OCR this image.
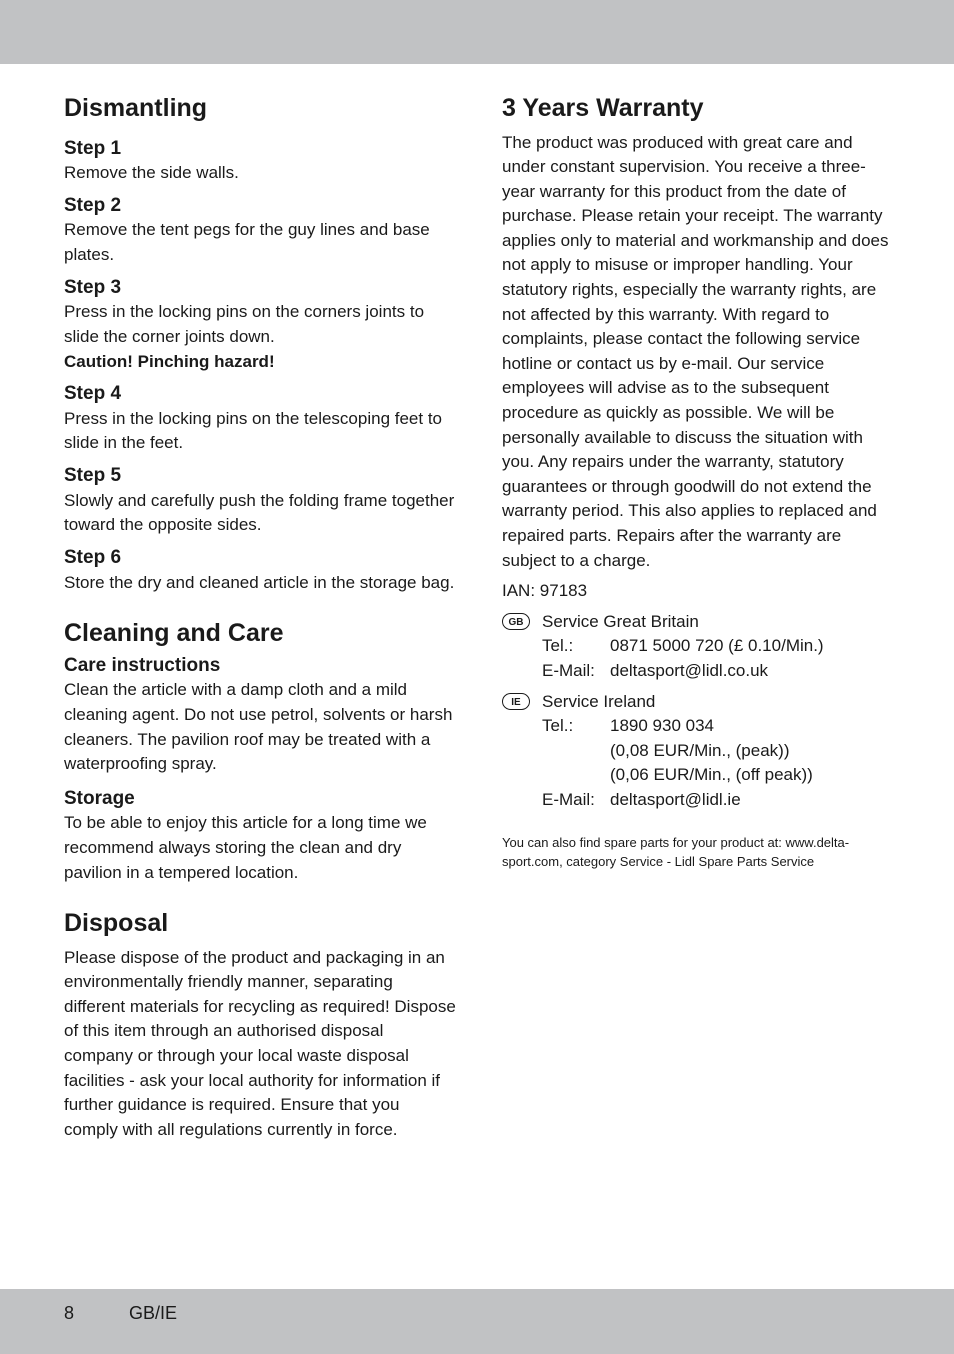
Dismantling
Step 1

Remove the side walls.

Step 2

Remove the tent pegs for the guy lines and base plates.

Step 3

Press in the locking pins on the corners joints to slide the corner joints down.

Caution! Pinching hazard!

Step 4

Press in the locking pins on the telescoping feet to slide in the feet.

Step 5

Slowly and carefully push the folding frame together toward the opposite sides.

Step 6

Store the dry and cleaned article in the storage bag.

Cleaning and Care
Care instructions

Clean the article with a damp cloth and a mild cleaning agent. Do not use petrol, solvents or harsh cleaners. The pavilion roof may be treated with a waterproofing spray.

Storage

To be able to enjoy this article for a long time we recommend always storing the clean and dry pavilion in a tempered location.

Disposal

Please dispose of the product and packaging in an environmentally friendly manner, separating different materials for recycling as required! Dispose of this item through an authorised disposal company or through your local waste disposal facilities - ask your local authority for information if further guidance is required. Ensure that you comply with all regulations currently in force.

3 Years Warranty

The product was produced with great care and under constant supervision. You receive a three-year warranty for this product from the date of purchase. Please retain your receipt. The warranty applies only to material and workmanship and does not apply to misuse or improper handling. Your statutory rights, especially the warranty rights, are not affected by this warranty. With regard to complaints, please contact the following service hotline or contact us by e-mail. Our service employees will advise as to the subsequent procedure as quickly as possible. We will be personally available to discuss the situation with you. Any repairs under the warranty, statutory guarantees or through goodwill do not extend the warranty period. This also applies to replaced and repaired parts. Repairs after the warranty are subject to a charge.

IAN: 97183

GB	Service Great Britain
Tel.:	0871 5000 720 (£ 0.10/Min.)
E-Mail: deltasport@lidl.co.uk
IE	Service Ireland
Tel.:	1890 930 034
(0,08 EUR/Min., (peak))
(0,06 EUR/Min., (off peak))
E-Mail: deltasport@lidl.ie

You can also find spare parts for your product at: www.delta-sport.com, category Service - Lidl Spare Parts Service

8	GB/IE
